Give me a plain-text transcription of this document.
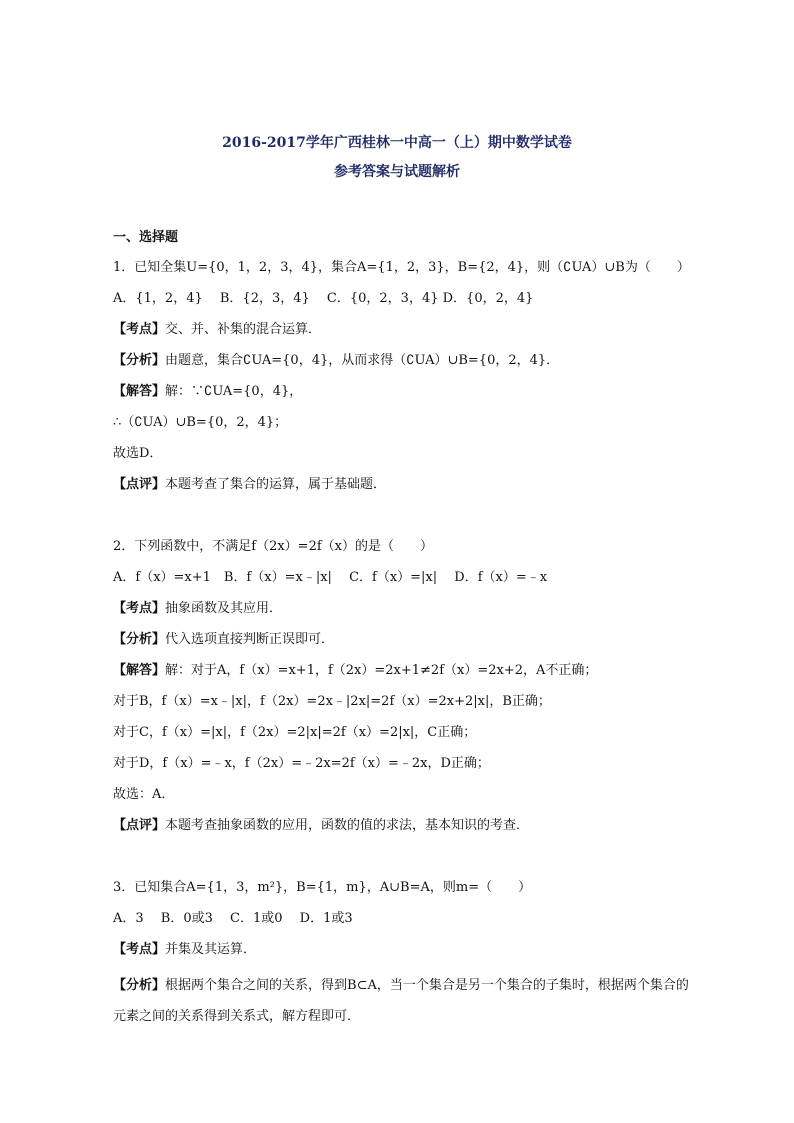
2016-2017学年广西桂林一中高一（上）期中数学试卷
参考答案与试题解析
一、选择题
1．已知全集U={0，1，2，3，4}，集合A={1，2，3}，B={2，4}，则（∁UA）∪B为（　　）
A．{1，2，4}　 B．{2，3，4}　 C．{0，2，3，4} D．{0，2，4}
【考点】交、并、补集的混合运算．
【分析】由题意，集合∁UA={0，4}，从而求得（∁UA）∪B={0，2，4}．
【解答】解：∵∁UA={0，4}，
∴（∁UA）∪B={0，2，4}；
故选D．
【点评】本题考查了集合的运算，属于基础题．
2．下列函数中，不满足f（2x）=2f（x）的是（　　）
A．f（x）=x+1　B．f（x）=x﹣|x|　 C．f（x）=|x|　 D．f（x）=﹣x
【考点】抽象函数及其应用．
【分析】代入选项直接判断正误即可．
【解答】解：对于A，f（x）=x+1，f（2x）=2x+1≠2f（x）=2x+2，A不正确；
对于B，f（x）=x﹣|x|，f（2x）=2x﹣|2x|=2f（x）=2x+2|x|，B正确；
对于C，f（x）=|x|，f（2x）=2|x|=2f（x）=2|x|，C正确；
对于D，f（x）=﹣x，f（2x）=﹣2x=2f（x）=﹣2x，D正确；
故选：A．
【点评】本题考查抽象函数的应用，函数的值的求法，基本知识的考查．
3．已知集合A={1，3，m²}，B={1，m}，A∪B=A，则m=（　　）
A．3　 B．0或3　 C．1或0　 D．1或3
【考点】并集及其运算．
【分析】根据两个集合之间的关系，得到B⊂A，当一个集合是另一个集合的子集时，根据两个集合的元素之间的关系得到关系式，解方程即可．
